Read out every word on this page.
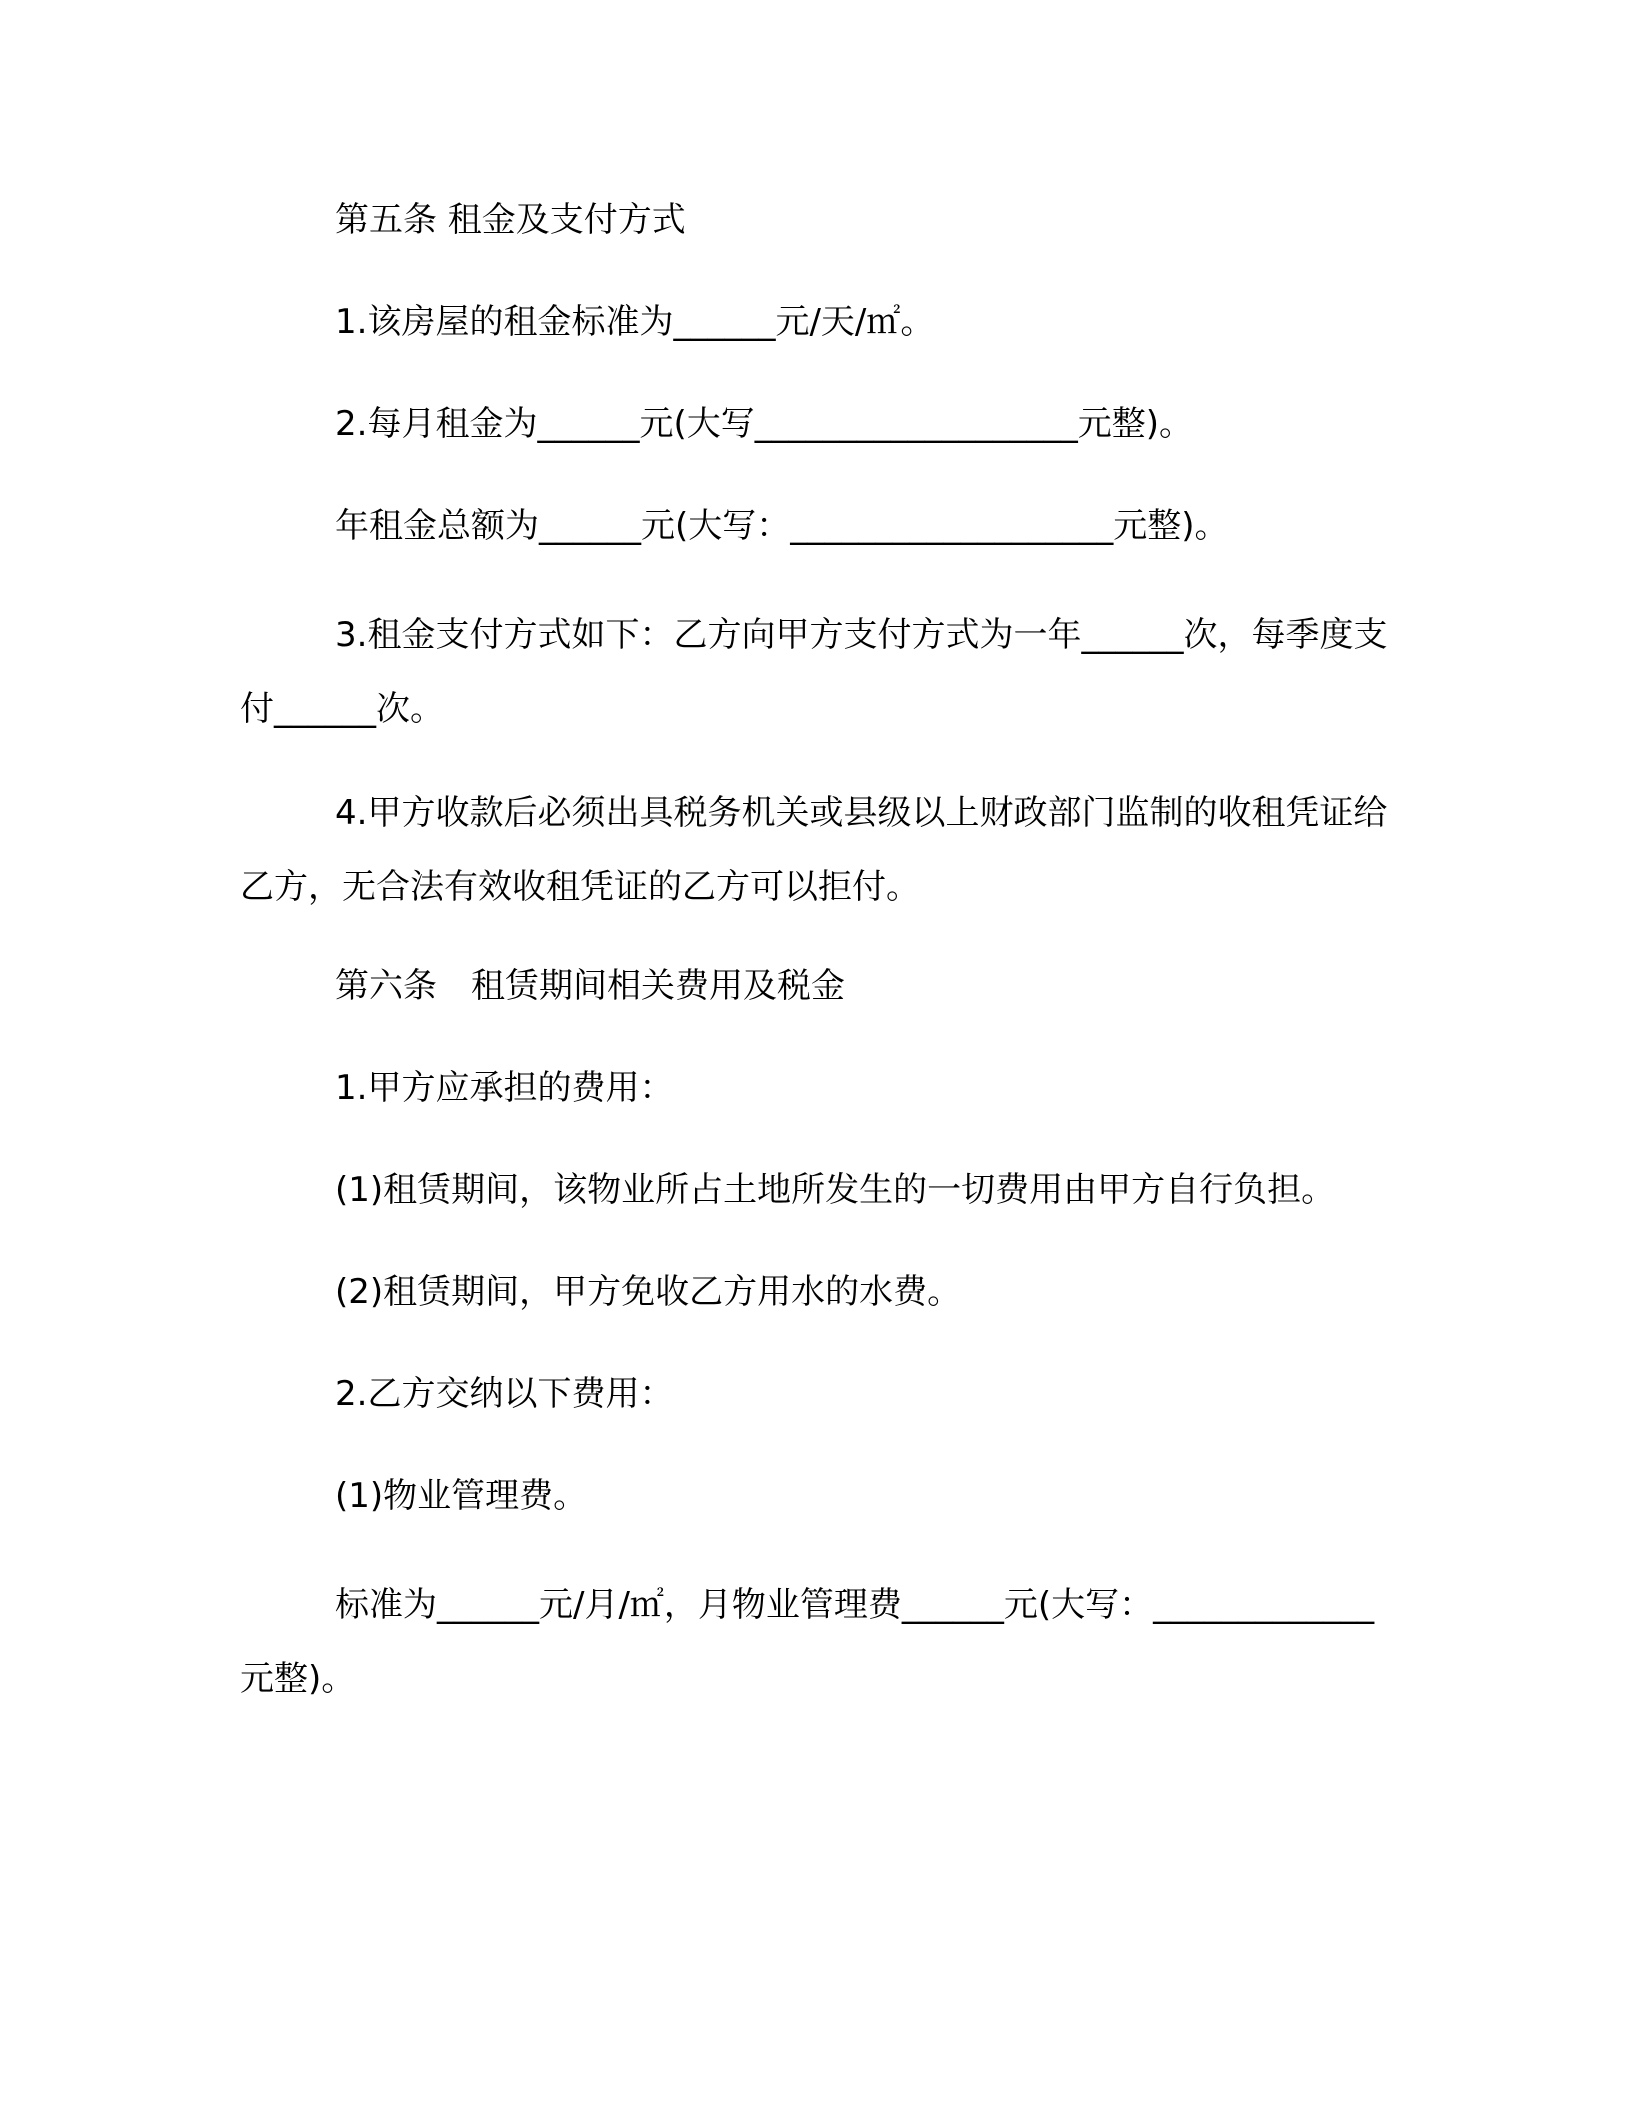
第五条 租金及支付方式

1.该房屋的租金标准为______元/天/㎡。

2.每月租金为______元(大写___________________元整)。

年租金总额为______元(大写：___________________元整)。

3.租金支付方式如下：乙方向甲方支付方式为一年______次，每季度支付______次。

4.甲方收款后必须出具税务机关或县级以上财政部门监制的收租凭证给乙方，无合法有效收租凭证的乙方可以拒付。

第六条　租赁期间相关费用及税金

1.甲方应承担的费用：

(1)租赁期间，该物业所占土地所发生的一切费用由甲方自行负担。

(2)租赁期间，甲方免收乙方用水的水费。

2.乙方交纳以下费用：

(1)物业管理费。

标准为______元/月/㎡，月物业管理费______元(大写：_____________元整)。
